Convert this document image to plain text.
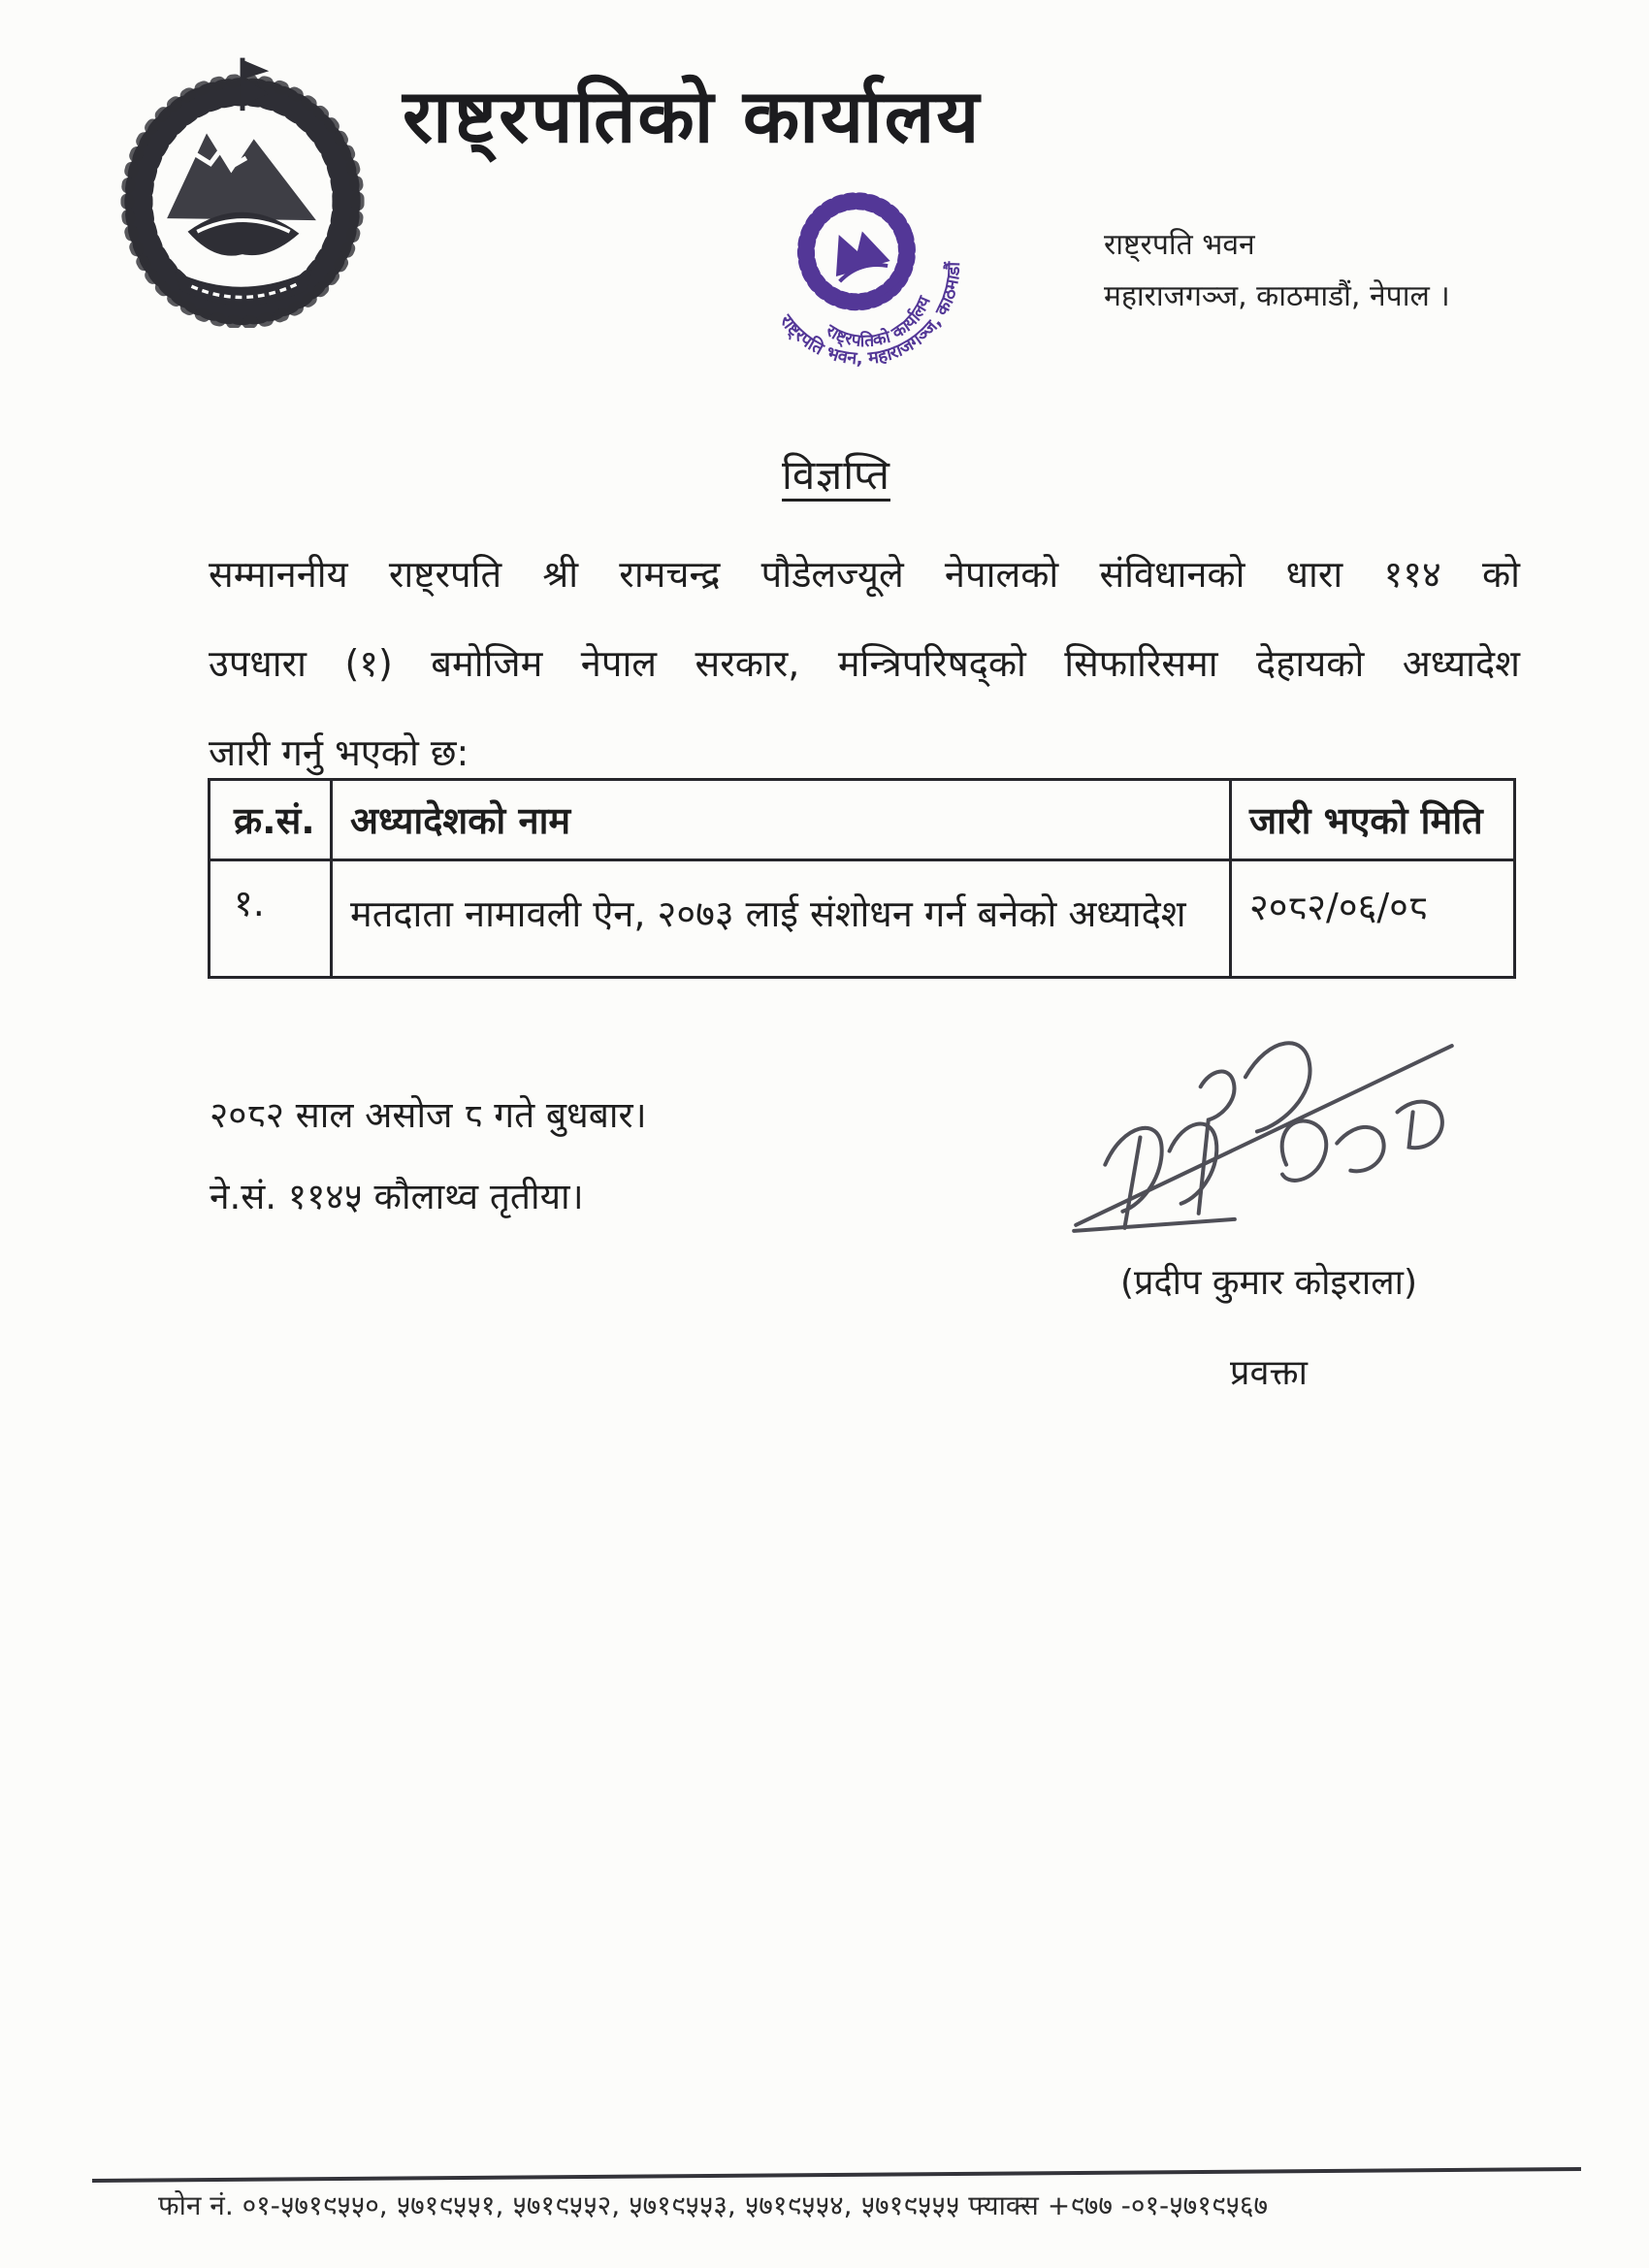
राष्ट्रपतिको कार्यालय
राष्ट्रपतिको कार्यालय
राष्ट्रपति भवन, महाराजगञ्ज, काठमाडौं
राष्ट्रपति भवन
महाराजगञ्ज, काठमाडौं, नेपाल ।
विज्ञप्ति
सम्माननीय राष्ट्रपति श्री रामचन्द्र पौडेलज्यूले नेपालको संविधानको धारा ११४ को
उपधारा (१) बमोजिम नेपाल सरकार, मन्त्रिपरिषद्को सिफारिसमा देहायको अध्यादेश
जारी गर्नु भएको छ:
क्र.सं.	अध्यादेशको नाम	जारी भएको मिति
१.	मतदाता नामावली ऐन, २०७३ लाई संशोधन गर्न बनेको अध्यादेश	२०८२/०६/०८
२०८२ साल असोज ८ गते बुधबार।
ने.सं. ११४५ कौलाथ्व तृतीया।
(प्रदीप कुमार कोइराला)
प्रवक्ता
फोन नं. ०१-५७१९५५०, ५७१९५५१, ५७१९५५२, ५७१९५५३, ५७१९५५४, ५७१९५५५ फ्याक्स +९७७ -०१-५७१९५६७
